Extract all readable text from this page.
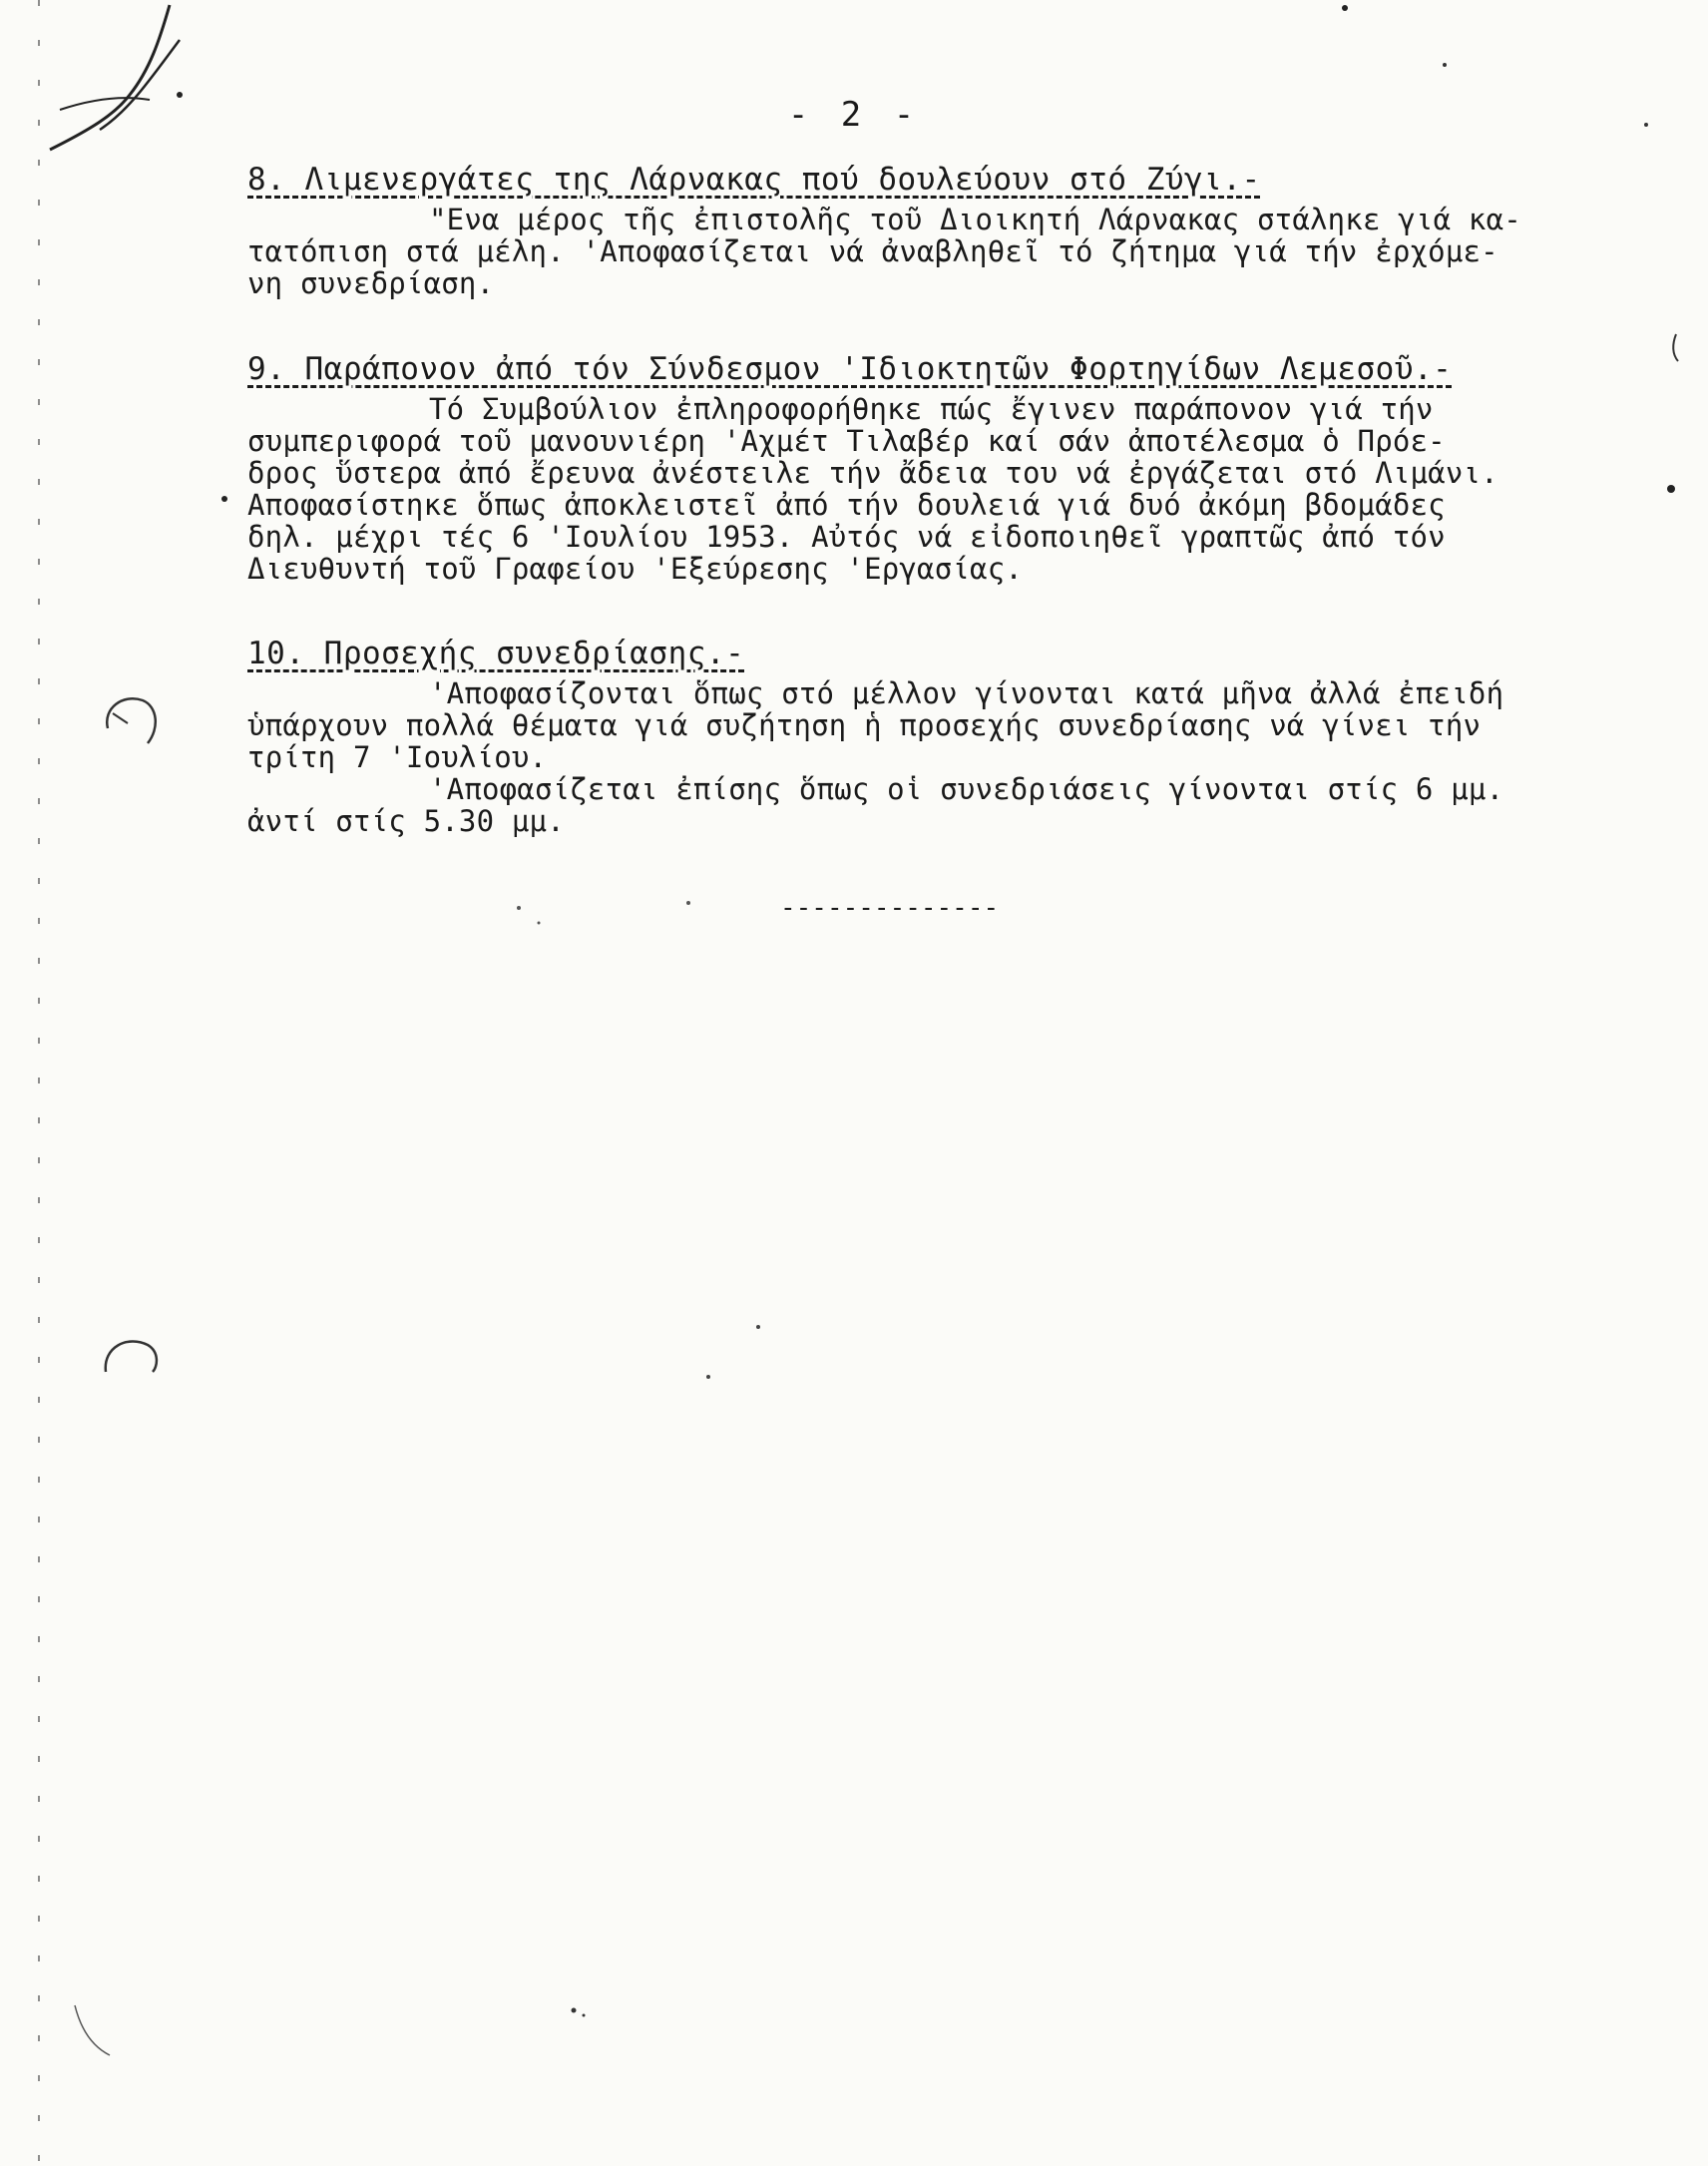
- 2 -
8. Λιμενεργάτες της Λάρνακας πού δουλεύουν στό Ζύγι.-
"Ενα μέρος τῆς ἐπιστολῆς τοῦ Διοικητή Λάρνακας στάληκε γιά κα-
τατόπιση στά μέλη. 'Αποφασίζεται νά ἀναβληθεῖ τό ζήτημα γιά τήν ἐρχόμε-
νη συνεδρίαση.
9. Παράπονον ἀπό τόν Σύνδεσμον 'Ιδιοκτητῶν Φορτηγίδων Λεμεσοῦ.-
Τό Συμβούλιον ἐπληροφορήθηκε πώς ἔγινεν παράπονον γιά τήν
συμπεριφορά τοῦ μανουνιέρη 'Αχμέτ Τιλαβέρ καί σάν ἀποτέλεσμα ὁ Πρόε-
δρος ὕστερα ἀπό ἔρευνα ἀνέστειλε τήν ἄδεια του νά ἐργάζεται στό Λιμάνι.
Αποφασίστηκε ὅπως ἀποκλειστεῖ ἀπό τήν δουλειά γιά δυό ἀκόμη βδομάδες
δηλ. μέχρι τές 6 'Ιουλίου 1953. Αὐτός νά εἰδοποιηθεῖ γραπτῶς ἀπό τόν
Διευθυντή τοῦ Γραφείου 'Εξεύρεσης 'Εργασίας.
10. Προσεχής συνεδρίασης.-
'Αποφασίζονται ὅπως στό μέλλον γίνονται κατά μῆνα ἀλλά ἐπειδή
ὑπάρχουν πολλά θέματα γιά συζήτηση ἡ προσεχής συνεδρίασης νά γίνει τήν
τρίτη 7 'Ιουλίου.
'Αποφασίζεται ἐπίσης ὅπως οἱ συνεδριάσεις γίνονται στίς 6 μμ.
ἀντί στίς 5.30 μμ.
--------------
